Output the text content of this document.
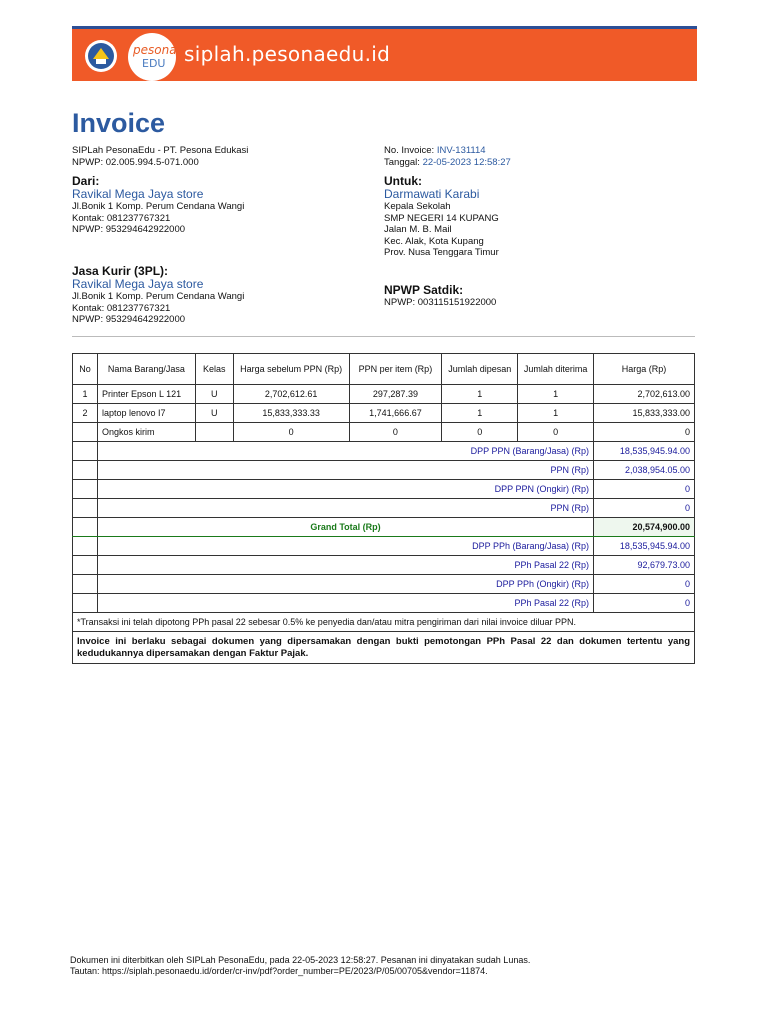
pesona
EDU siplah.pesonaedu.id
Invoice
SIPLah PesonaEdu - PT. Pesona Edukasi
NPWP: 02.005.994.5-071.000
No. Invoice: INV-131114
Tanggal: 22-05-2023 12:58:27
Dari:
Ravikal Mega Jaya store
Jl.Bonik 1 Komp. Perum Cendana Wangi
Kontak: 081237767321
NPWP: 953294642922000
Untuk:
Darmawati Karabi
Kepala Sekolah
SMP NEGERI 14 KUPANG
Jalan M. B. Mail
Kec. Alak, Kota Kupang
Prov. Nusa Tenggara Timur
Jasa Kurir (3PL):
Ravikal Mega Jaya store
Jl.Bonik 1 Komp. Perum Cendana Wangi
Kontak: 081237767321
NPWP: 953294642922000
NPWP Satdik:
NPWP: 003115151922000
No	Nama Barang/Jasa	Kelas	Harga sebelum PPN (Rp)	PPN per item (Rp)	Jumlah dipesan	Jumlah diterima	Harga (Rp)
1	Printer Epson L 121	U	2,702,612.61	297,287.39	1	1	2,702,613.00
2	laptop lenovo I7	U	15,833,333.33	1,741,666.67	1	1	15,833,333.00
	Ongkos kirim		0	0	0	0	0
	DPP PPN (Barang/Jasa) (Rp)						18,535,945.94.00
	PPN (Rp)						2,038,954.05.00
	DPP PPN (Ongkir) (Rp)						0
	PPN (Rp)						0
	Grand Total (Rp)						20,574,900.00
	DPP PPh (Barang/Jasa) (Rp)						18,535,945.94.00
	PPh Pasal 22 (Rp)						92,679.73.00
	DPP PPh (Ongkir) (Rp)						0
	PPh Pasal 22 (Rp)						0
*Transaksi ini telah dipotong PPh pasal 22 sebesar 0.5% ke penyedia dan/atau mitra pengiriman dari nilai invoice diluar PPN.							
Invoice ini berlaku sebagai dokumen yang dipersamakan dengan bukti pemotongan PPh Pasal 22 dan dokumen tertentu yang kedudukannya dipersamakan dengan Faktur Pajak.							
Dokumen ini diterbitkan oleh SIPLah PesonaEdu, pada 22-05-2023 12:58:27. Pesanan ini dinyatakan sudah Lunas.
Tautan: https://siplah.pesonaedu.id/order/cr-inv/pdf?order_number=PE/2023/P/05/00705&vendor=11874.
